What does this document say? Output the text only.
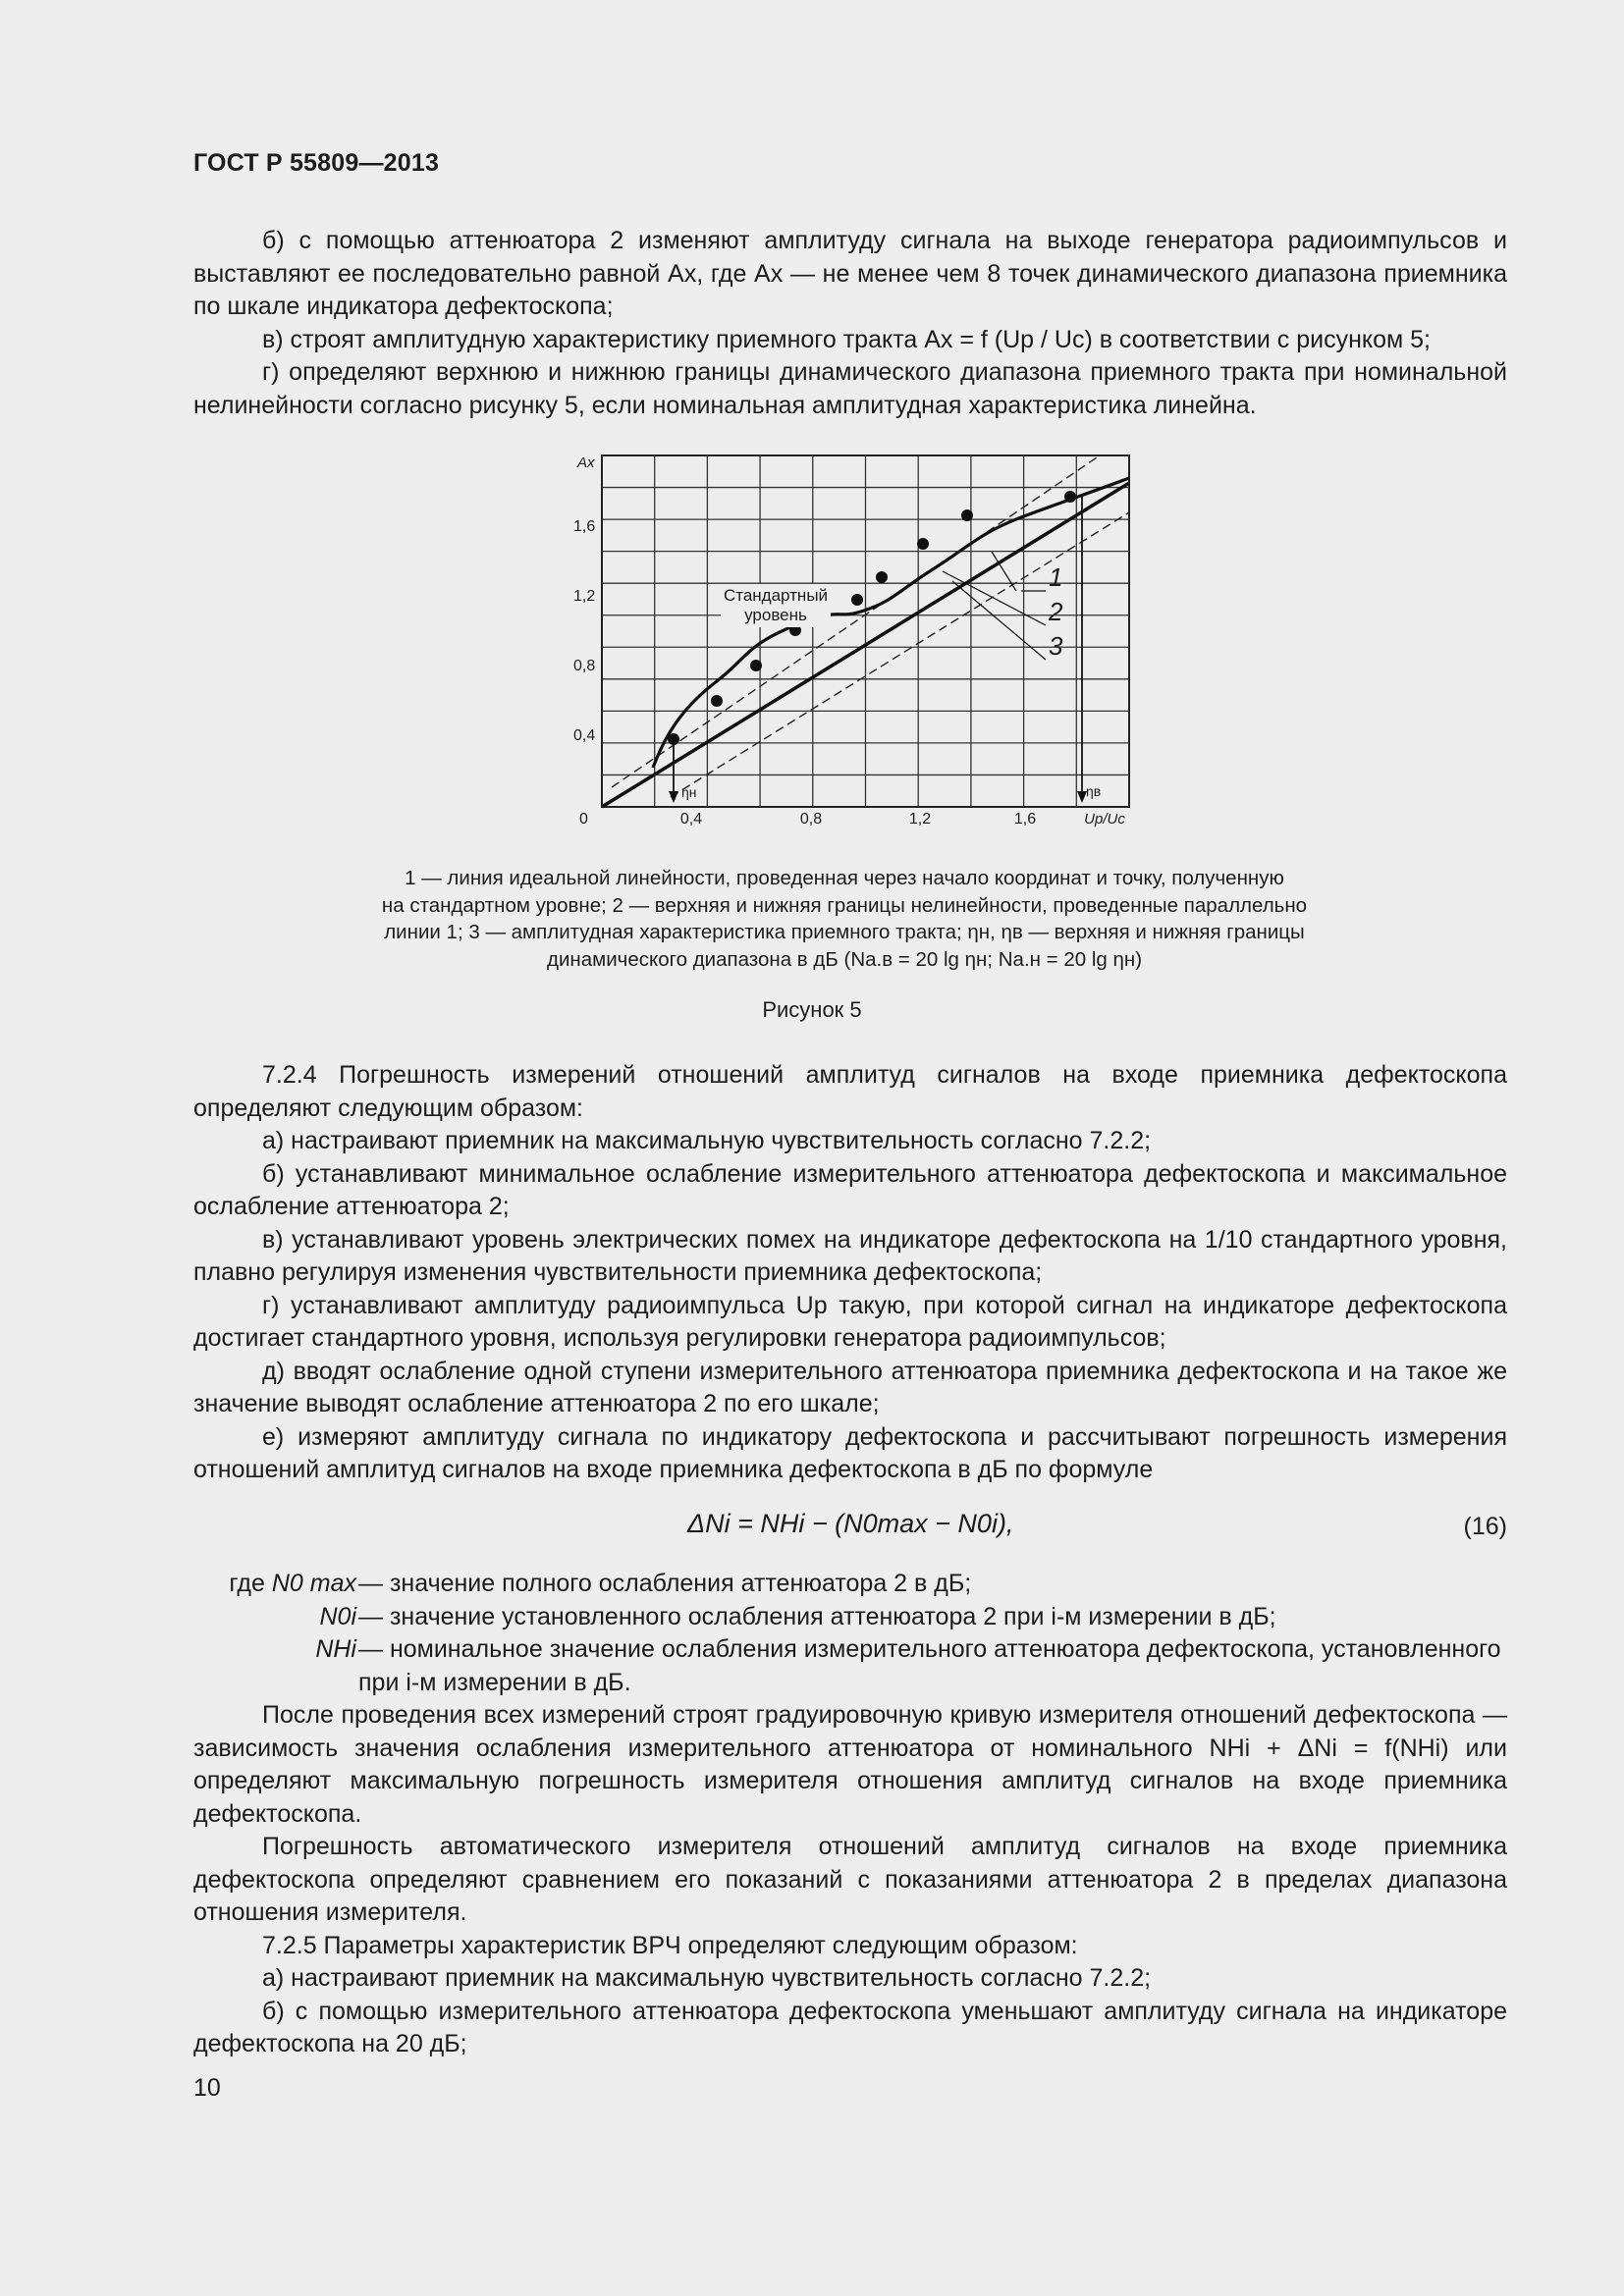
ГОСТ Р 55809—2013

б) с помощью аттенюатора 2 изменяют амплитуду сигнала на выходе генератора радиоимпульсов и выставляют ее последовательно равной Ax, где Ax — не менее чем 8 точек динамического диапазона приемника по шкале индикатора дефектоскопа;

в) строят амплитудную характеристику приемного тракта Ax = f (Uр / Uс) в соответствии с рисунком 5;

г) определяют верхнюю и нижнюю границы динамического диапазона приемного тракта при номинальной нелинейности согласно рисунку 5, если номинальная амплитудная характеристика линейна.

Ax
0
1,6
1,2
0,8
0,4
0,4	0,8	1,2	1,6	Uр/Uс
Стандартный
уровень
1
2
3
ηн	ηв
1 — линия идеальной линейности, проведенная через начало координат и точку, полученную
на стандартном уровне; 2 — верхняя и нижняя границы нелинейности, проведенные параллельно
линии 1; 3 — амплитудная характеристика приемного тракта; ηн, ηв — верхняя и нижняя границы
динамического диапазона в дБ (Nа.в = 20 lg ηн; Nа.н = 20 lg ηн)
Рисунок 5

7.2.4 Погрешность измерений отношений амплитуд сигналов на входе приемника дефектоскопа определяют следующим образом:

а) настраивают приемник на максимальную чувствительность согласно 7.2.2;

б) устанавливают минимальное ослабление измерительного аттенюатора дефектоскопа и максимальное ослабление аттенюатора 2;

в) устанавливают уровень электрических помех на индикаторе дефектоскопа на 1/10 стандартного уровня, плавно регулируя изменения чувствительности приемника дефектоскопа;

г) устанавливают амплитуду радиоимпульса Uр такую, при которой сигнал на индикаторе дефектоскопа достигает стандартного уровня, используя регулировки генератора радиоимпульсов;

д) вводят ослабление одной ступени измерительного аттенюатора приемника дефектоскопа и на такое же значение выводят ослабление аттенюатора 2 по его шкале;

е) измеряют амплитуду сигнала по индикатору дефектоскопа и рассчитывают погрешность измерения отношений амплитуд сигналов на входе приемника дефектоскопа в дБ по формуле

ΔNi = NHi − (N0max − N0i),	(16)
где N0 max — значение полного ослабления аттенюатора 2 в дБ;
N0i — значение установленного ослабления аттенюатора 2 при i-м измерении в дБ;
NHi — номинальное значение ослабления измерительного аттенюатора дефектоскопа, установленного при i-м измерении в дБ.

После проведения всех измерений строят градуировочную кривую измерителя отношений дефектоскопа — зависимость значения ослабления измерительного аттенюатора от номинального NHi + ΔNi = f(NHi) или определяют максимальную погрешность измерителя отношения амплитуд сигналов на входе приемника дефектоскопа.

Погрешность автоматического измерителя отношений амплитуд сигналов на входе приемника дефектоскопа определяют сравнением его показаний с показаниями аттенюатора 2 в пределах диапазона отношения измерителя.

7.2.5 Параметры характеристик ВРЧ определяют следующим образом:

а) настраивают приемник на максимальную чувствительность согласно 7.2.2;

б) с помощью измерительного аттенюатора дефектоскопа уменьшают амплитуду сигнала на индикаторе дефектоскопа на 20 дБ;

10
